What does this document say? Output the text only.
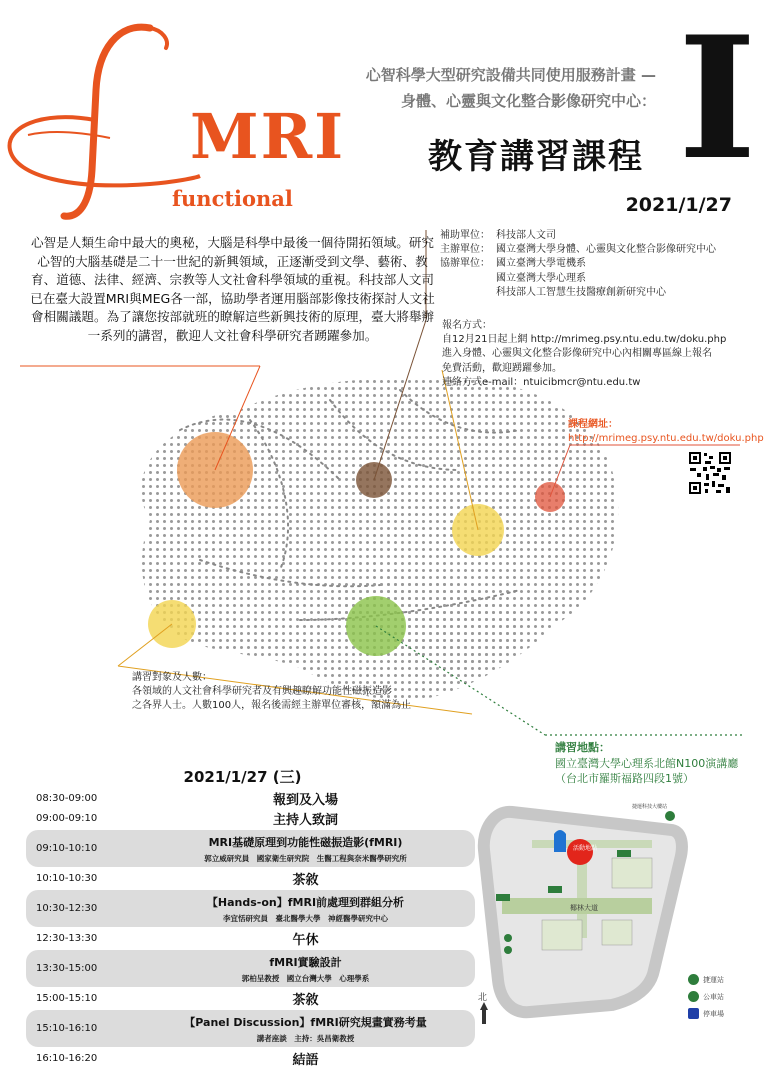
MRI
functional
心智科學大型研究設備共同使用服務計畫 —
身體、心靈與文化整合影像研究中心：
教育講習課程 I
2021/1/27
心智是人類生命中最大的奧秘，大腦是科學中最後一個待開拓領域。研究心智的大腦基礎是二十一世紀的新興領域，正逐漸受到文學、藝術、教育、道德、法律、經濟、宗教等人文社會科學領域的重視。科技部人文司已在臺大設置MRI與MEG各一部，協助學者運用腦部影像技術探討人文社會相關議題。為了讓您按部就班的瞭解這些新興技術的原理，臺大將舉辦一系列的講習，歡迎人文社會科學研究者踴躍參加。
補助單位： 科技部人文司
主辦單位： 國立臺灣大學身體、心靈與文化整合影像研究中心
協辦單位： 國立臺灣大學電機系
國立臺灣大學心理系
科技部人工智慧生技醫療創新研究中心
報名方式：
自12月21日起上網 http://mrimeg.psy.ntu.edu.tw/doku.php
進入身體、心靈與文化整合影像研究中心內相關專區線上報名
免費活動，歡迎踴躍參加。
連絡方式e-mail：ntuicibmcr@ntu.edu.tw
課程網址：
http://mrimeg.psy.ntu.edu.tw/doku.php
講習對象及人數：
各領域的人文社會科學研究者及有興趣瞭解功能性磁振造影
之各界人士。人數100人，報名後需經主辦單位審核，額滿為止
講習地點：
國立臺灣大學心理系北館N100演講廳
（台北市羅斯福路四段1號）
2021/1/27 (三)
08:30-09:00	報到及入場
09:00-09:10	主持人致詞
09:10-10:10	MRI基礎原理到功能性磁振造影(fMRI)
郭立威研究員　國家衛生研究院　生醫工程與奈米醫學研究所
10:10-10:30	茶敘
10:30-12:30	【Hands-on】fMRI前處理到群組分析
李宜恬研究員　臺北醫學大學　神經醫學研究中心
12:30-13:30	午休
13:30-15:00	fMRI實驗設計
郭柏呈教授　國立台灣大學　心理學系
15:00-15:10	茶敘
15:10-16:10	【Panel Discussion】fMRI研究規畫實務考量
講者座談　主持：吳昌衛教授
16:10-16:20	結語
椰林大道
活動地點
捷運科技大樓站
北
捷運站
公車站
停車場
